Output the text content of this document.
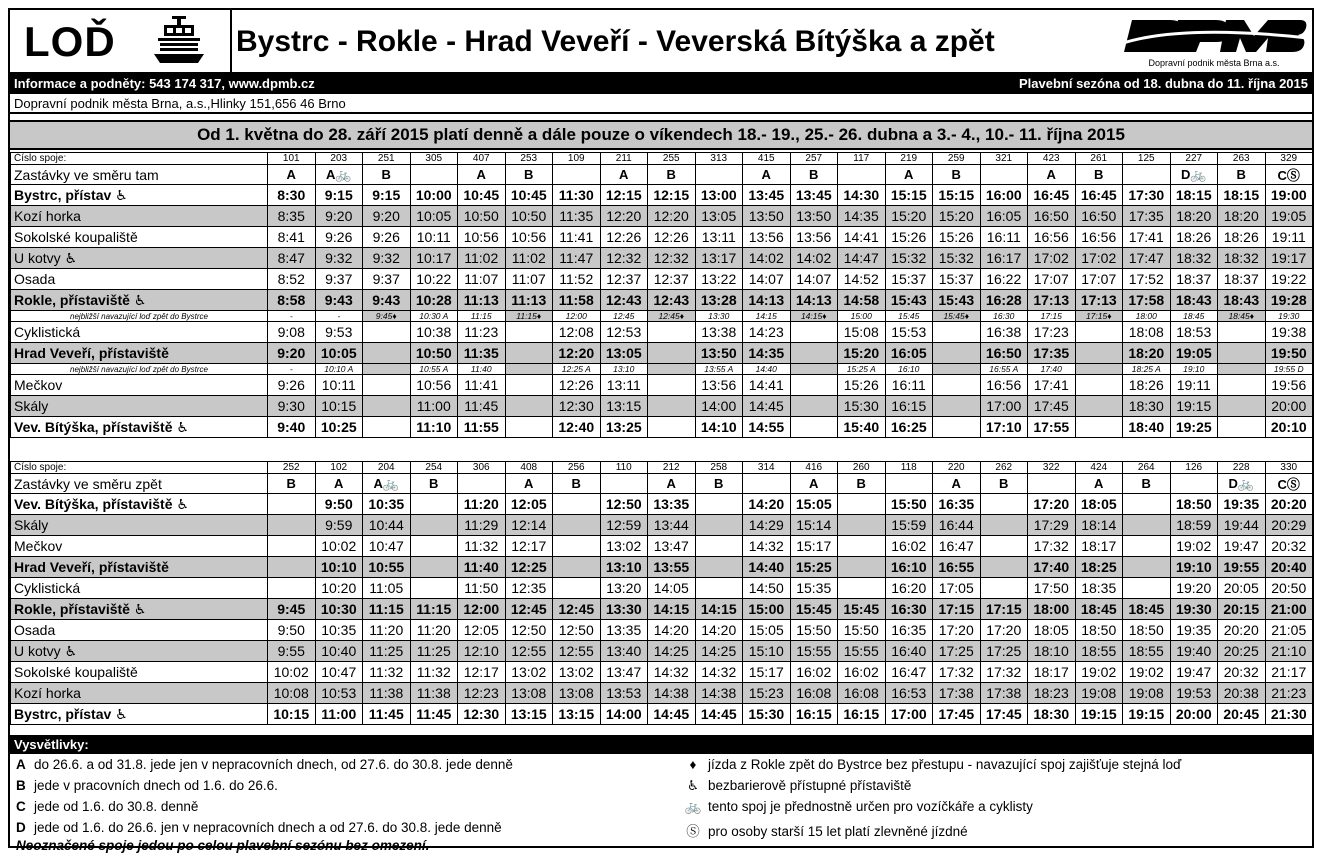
LOĎ	Bystrc - Rokle - Hrad Veveří - Veverská Bítýška a zpět
Dopravní podnik města Brna a.s.
Informace a podněty: 543 174 317, www.dpmb.cz	Plavební sezóna od 18. dubna do 11. října 2015
Dopravní podnik města Brna, a.s.,Hlinky 151,656 46 Brno
Od 1. května do 28. září 2015 platí denně a dále pouze o víkendech 18.- 19., 25.- 26. dubna a 3.- 4., 10.- 11. října 2015
Číslo spoje:	101	203	251	305	407	253	109	211	255	313	415	257	117	219	259	321	423	261	125	227	263	329
Zastávky ve směru tam	A	A🚲	B		A	B		A	B		A	B		A	B		A	B		D🚲	B	CⓈ
Bystrc, přístav ♿	8:30	9:15	9:15	10:00	10:45	10:45	11:30	12:15	12:15	13:00	13:45	13:45	14:30	15:15	15:15	16:00	16:45	16:45	17:30	18:15	18:15	19:00
Kozí horka	8:35	9:20	9:20	10:05	10:50	10:50	11:35	12:20	12:20	13:05	13:50	13:50	14:35	15:20	15:20	16:05	16:50	16:50	17:35	18:20	18:20	19:05
Sokolské koupaliště	8:41	9:26	9:26	10:11	10:56	10:56	11:41	12:26	12:26	13:11	13:56	13:56	14:41	15:26	15:26	16:11	16:56	16:56	17:41	18:26	18:26	19:11
U kotvy ♿	8:47	9:32	9:32	10:17	11:02	11:02	11:47	12:32	12:32	13:17	14:02	14:02	14:47	15:32	15:32	16:17	17:02	17:02	17:47	18:32	18:32	19:17
Osada	8:52	9:37	9:37	10:22	11:07	11:07	11:52	12:37	12:37	13:22	14:07	14:07	14:52	15:37	15:37	16:22	17:07	17:07	17:52	18:37	18:37	19:22
Rokle, přístaviště ♿	8:58	9:43	9:43	10:28	11:13	11:13	11:58	12:43	12:43	13:28	14:13	14:13	14:58	15:43	15:43	16:28	17:13	17:13	17:58	18:43	18:43	19:28
nejbližší navazující loď zpět do Bystrce	-	-	9:45♦	10:30 A	11:15	11:15♦	12:00	12:45	12:45♦	13:30	14:15	14:15♦	15:00	15:45	15:45♦	16:30	17:15	17:15♦	18:00	18:45	18:45♦	19:30
Cyklistická	9:08	9:53		10:38	11:23		12:08	12:53		13:38	14:23		15:08	15:53		16:38	17:23		18:08	18:53		19:38
Hrad Veveří, přístaviště	9:20	10:05		10:50	11:35		12:20	13:05		13:50	14:35		15:20	16:05		16:50	17:35		18:20	19:05		19:50
nejbližší navazující loď zpět do Bystrce	-	10:10 A		10:55 A	11:40		12:25 A	13:10		13:55 A	14:40		15:25 A	16:10		16:55 A	17:40		18:25 A	19:10		19:55 D
Mečkov	9:26	10:11		10:56	11:41		12:26	13:11		13:56	14:41		15:26	16:11		16:56	17:41		18:26	19:11		19:56
Skály	9:30	10:15		11:00	11:45		12:30	13:15		14:00	14:45		15:30	16:15		17:00	17:45		18:30	19:15		20:00
Vev. Bítýška, přístaviště ♿	9:40	10:25		11:10	11:55		12:40	13:25		14:10	14:55		15:40	16:25		17:10	17:55		18:40	19:25		20:10
Číslo spoje:	252	102	204	254	306	408	256	110	212	258	314	416	260	118	220	262	322	424	264	126	228	330
Zastávky ve směru zpět	B	A	A🚲	B		A	B		A	B		A	B		A	B		A	B		D🚲	CⓈ
Vev. Bítýška, přístaviště ♿		9:50	10:35		11:20	12:05		12:50	13:35		14:20	15:05		15:50	16:35		17:20	18:05		18:50	19:35	20:20
Skály		9:59	10:44		11:29	12:14		12:59	13:44		14:29	15:14		15:59	16:44		17:29	18:14		18:59	19:44	20:29
Mečkov		10:02	10:47		11:32	12:17		13:02	13:47		14:32	15:17		16:02	16:47		17:32	18:17		19:02	19:47	20:32
Hrad Veveří, přístaviště		10:10	10:55		11:40	12:25		13:10	13:55		14:40	15:25		16:10	16:55		17:40	18:25		19:10	19:55	20:40
Cyklistická		10:20	11:05		11:50	12:35		13:20	14:05		14:50	15:35		16:20	17:05		17:50	18:35		19:20	20:05	20:50
Rokle, přístaviště ♿	9:45	10:30	11:15	11:15	12:00	12:45	12:45	13:30	14:15	14:15	15:00	15:45	15:45	16:30	17:15	17:15	18:00	18:45	18:45	19:30	20:15	21:00
Osada	9:50	10:35	11:20	11:20	12:05	12:50	12:50	13:35	14:20	14:20	15:05	15:50	15:50	16:35	17:20	17:20	18:05	18:50	18:50	19:35	20:20	21:05
U kotvy ♿	9:55	10:40	11:25	11:25	12:10	12:55	12:55	13:40	14:25	14:25	15:10	15:55	15:55	16:40	17:25	17:25	18:10	18:55	18:55	19:40	20:25	21:10
Sokolské koupaliště	10:02	10:47	11:32	11:32	12:17	13:02	13:02	13:47	14:32	14:32	15:17	16:02	16:02	16:47	17:32	17:32	18:17	19:02	19:02	19:47	20:32	21:17
Kozí horka	10:08	10:53	11:38	11:38	12:23	13:08	13:08	13:53	14:38	14:38	15:23	16:08	16:08	16:53	17:38	17:38	18:23	19:08	19:08	19:53	20:38	21:23
Bystrc, přístav ♿	10:15	11:00	11:45	11:45	12:30	13:15	13:15	14:00	14:45	14:45	15:30	16:15	16:15	17:00	17:45	17:45	18:30	19:15	19:15	20:00	20:45	21:30
Vysvětlivky:
A do 26.6. a od 31.8. jede jen v nepracovních dnech, od 27.6. do 30.8. jede denně
B jede v pracovních dnech od 1.6. do 26.6.
C jede od 1.6. do 30.8. denně
D jede od 1.6. do 26.6. jen v nepracovních dnech a od 27.6. do 30.8. jede denně
♦ jízda z Rokle zpět do Bystrce bez přestupu - navazující spoj zajišťuje stejná loď
♿ bezbarierově přístupné přístaviště
🚲 tento spoj je přednostně určen pro vozíčkáře a cyklisty
Ⓢ pro osoby starší 15 let platí zlevněné jízdné
Neoznačené spoje jedou po celou plavební sezónu bez omezení.
